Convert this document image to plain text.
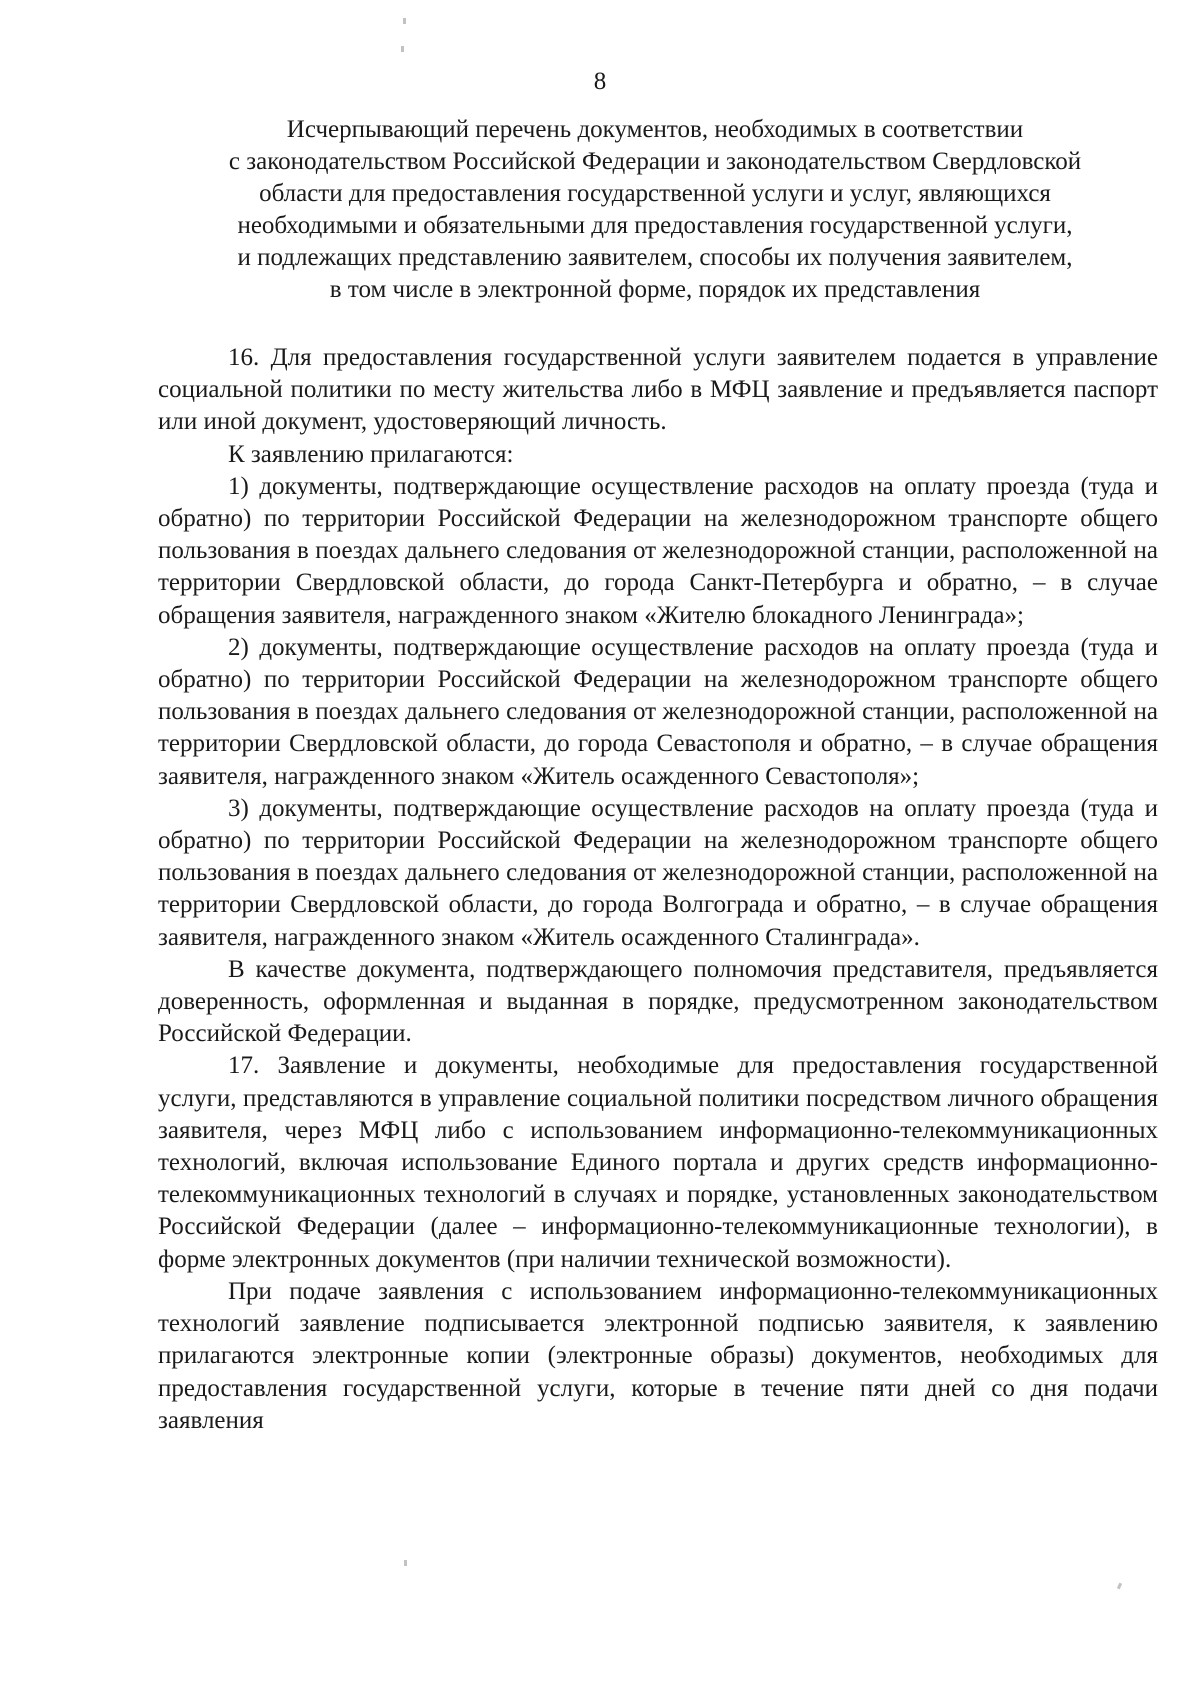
8
Исчерпывающий перечень документов, необходимых в соответствии
с законодательством Российской Федерации и законодательством Свердловской
области для предоставления государственной услуги и услуг, являющихся
необходимыми и обязательными для предоставления государственной услуги,
и подлежащих представлению заявителем, способы их получения заявителем,
в том числе в электронной форме, порядок их представления

16. Для предоставления государственной услуги заявителем подается в управление социальной политики по месту жительства либо в МФЦ заявление и предъявляется паспорт или иной документ, удостоверяющий личность.

К заявлению прилагаются:

1) документы, подтверждающие осуществление расходов на оплату проезда (туда и обратно) по территории Российской Федерации на железнодорожном транспорте общего пользования в поездах дальнего следования от железнодорожной станции, расположенной на территории Свердловской области, до города Санкт-Петербурга и обратно, – в случае обращения заявителя, награжденного знаком «Жителю блокадного Ленинграда»;

2) документы, подтверждающие осуществление расходов на оплату проезда (туда и обратно) по территории Российской Федерации на железнодорожном транспорте общего пользования в поездах дальнего следования от железнодорожной станции, расположенной на территории Свердловской области, до города Севастополя и обратно, – в случае обращения заявителя, награжденного знаком «Житель осажденного Севастополя»;

3) документы, подтверждающие осуществление расходов на оплату проезда (туда и обратно) по территории Российской Федерации на железнодорожном транспорте общего пользования в поездах дальнего следования от железнодорожной станции, расположенной на территории Свердловской области, до города Волгограда и обратно, – в случае обращения заявителя, награжденного знаком «Житель осажденного Сталинграда».

В качестве документа, подтверждающего полномочия представителя, предъявляется доверенность, оформленная и выданная в порядке, предусмотренном законодательством Российской Федерации.

17. Заявление и документы, необходимые для предоставления государственной услуги, представляются в управление социальной политики посредством личного обращения заявителя, через МФЦ либо с использованием информационно-телекоммуникационных технологий, включая использование Единого портала и других средств информационно-телекоммуникационных технологий в случаях и порядке, установленных законодательством Российской Федерации (далее – информационно-телекоммуникационные технологии), в форме электронных документов (при наличии технической возможности).

При подаче заявления с использованием информационно-телекоммуникационных технологий заявление подписывается электронной подписью заявителя, к заявлению прилагаются электронные копии (электронные образы) документов, необходимых для предоставления государственной услуги, которые в течение пяти дней со дня подачи заявления
